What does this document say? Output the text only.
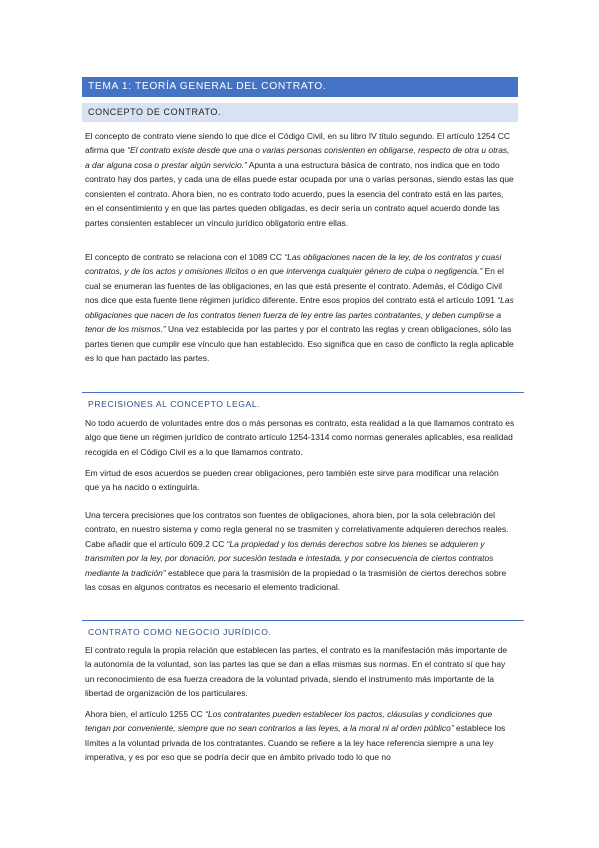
TEMA 1: TEORÍA GENERAL DEL CONTRATO.
CONCEPTO DE CONTRATO.
El concepto de contrato viene siendo lo que dice el Código Civil, en su libro IV título segundo. El artículo 1254 CC afirma que “El contrato existe desde que una o varias personas consienten en obligarse, respecto de otra u otras, a dar alguna cosa o prestar algún servicio.” Apunta a una estructura básica de contrato, nos indica que en todo contrato hay dos partes, y cada una de ellas puede estar ocupada por una o varias personas, siendo estas las que consienten el contrato. Ahora bien, no es contrato todo acuerdo, pues la esencia del contrato está en las partes, en el consentimiento y en que las partes queden obligadas, es decir sería un contrato aquel acuerdo donde las partes consienten establecer un vínculo jurídico obligatorio entre ellas.
El concepto de contrato se relaciona con el 1089 CC “Las obligaciones nacen de la ley, de los contratos y cuasi contratos, y de los actos y omisiones ilícitos o en que intervenga cualquier género de culpa o negligencia.” En el cual se enumeran las fuentes de las obligaciones, en las que está presente el contrato. Además, el Código Civil nos dice que esta fuente tiene régimen jurídico diferente. Entre esos propios del contrato está el artículo 1091 “Las obligaciones que nacen de los contratos tienen fuerza de ley entre las partes contratantes, y deben cumplirse a tenor de los mismos.” Una vez establecida por las partes y por el contrato las reglas y crean obligaciones, sólo las partes tienen que cumplir ese vínculo que han establecido. Eso significa que en caso de conflicto la regla aplicable es lo que han pactado las partes.
PRECISIONES AL CONCEPTO LEGAL.
No todo acuerdo de voluntades entre dos o más personas es contrato, esta realidad a la que llamamos contrato es algo que tiene un régimen jurídico de contrato artículo 1254-1314 como normas generales aplicables, esa realidad recogida en el Código Civil es a lo que llamamos contrato.
Em virtud de esos acuerdos se pueden crear obligaciones, pero también este sirve para modificar una relación que ya ha nacido o extinguirla.
Una tercera precisiones que los contratos son fuentes de obligaciones, ahora bien, por la sola celebración del contrato, en nuestro sistema y como regla general no se trasmiten y correlativamente adquieren derechos reales. Cabe añadir que el artículo 609.2 CC “La propiedad y los demás derechos sobre los bienes se adquieren y transmiten por la ley, por donación, por sucesión testada e intestada, y por consecuencia de ciertos contratos mediante la tradición” establece que para la trasmisión de la propiedad o la trasmisión de ciertos derechos sobre las cosas en algunos contratos es necesario el elemento tradicional.
CONTRATO COMO NEGOCIO JURÍDICO.
El contrato regula la propia relación que establecen las partes, el contrato es la manifestación más importante de la autonomía de la voluntad, son las partes las que se dan a ellas mismas sus normas. En el contrato sí que hay un reconocimiento de esa fuerza creadora de la voluntad privada, siendo el instrumento más importante de la libertad de organización de los particulares.
Ahora bien, el artículo 1255 CC “Los contratantes pueden establecer los pactos, cláusulas y condiciones que tengan por conveniente, siempre que no sean contrarios a las leyes, a la moral ni al orden público” establece los límites a la voluntad privada de los contratantes. Cuando se refiere a la ley hace referencia siempre a una ley imperativa, y es por eso que se podría decir que en ámbito privado todo lo que no
